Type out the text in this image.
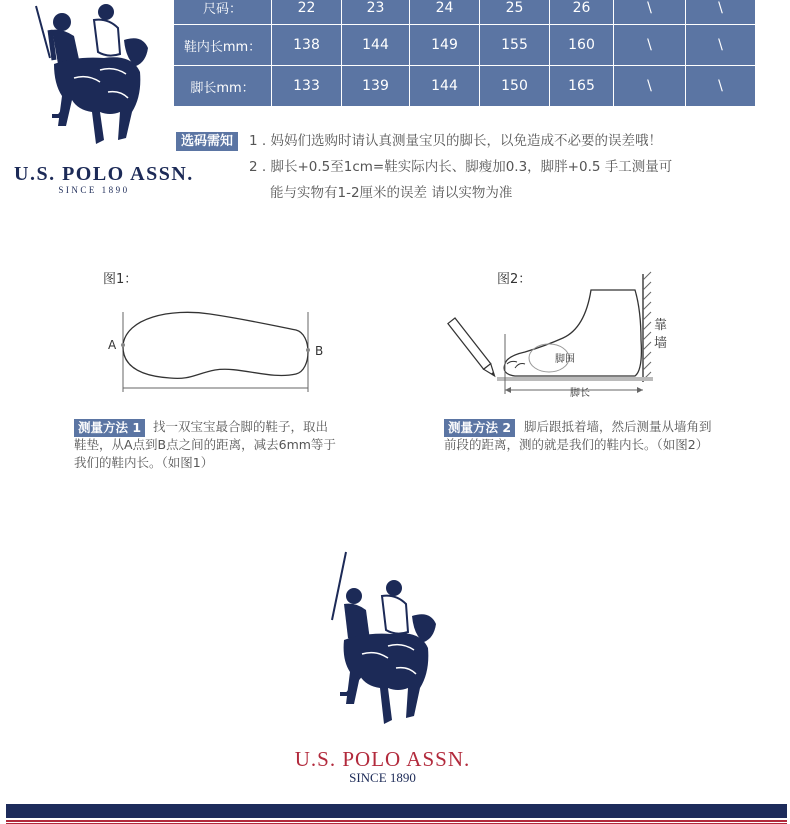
U.S. POLO ASSN.
SINCE 1890
尺码：	22	23	24	25	26	\	\
鞋内长mm：	138	144	149	155	160	\	\
脚长mm：	133	139	144	150	165	\	\
选码需知	1 . 妈妈们选购时请认真测量宝贝的脚长，以免造成不必要的误差哦！
2 . 脚长+0.5至1cm=鞋实际内长、脚瘦加0.3，脚胖+0.5 手工测量可
能与实物有1-2厘米的误差 请以实物为准
图1：
A	B
测量方法 1 找一双宝宝最合脚的鞋子，取出
鞋垫，从A点到B点之间的距离，减去6mm等于
我们的鞋内长。（如图1）
图2：
靠
墙
脚围
脚长
测量方法 2	脚后跟抵着墙，然后测量从墙角到
前段的距离，测的就是我们的鞋内长。（如图2）
U.S. POLO ASSN.
SINCE 1890
